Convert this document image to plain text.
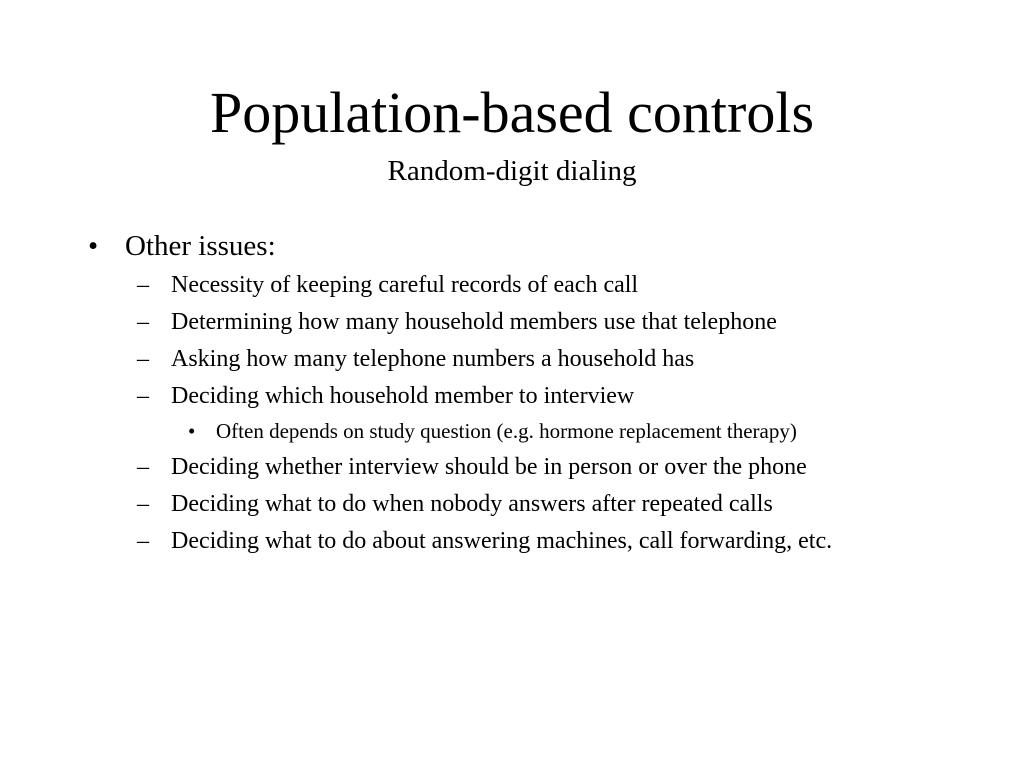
Population-based controls
Random-digit dialing
• Other issues:
– Necessity of keeping careful records of each call
– Determining how many household members use that telephone
– Asking how many telephone numbers a household has
– Deciding which household member to interview
• Often depends on study question (e.g. hormone replacement therapy)
– Deciding whether interview should be in person or over the phone
– Deciding what to do when nobody answers after repeated calls
– Deciding what to do about answering machines, call forwarding, etc.
